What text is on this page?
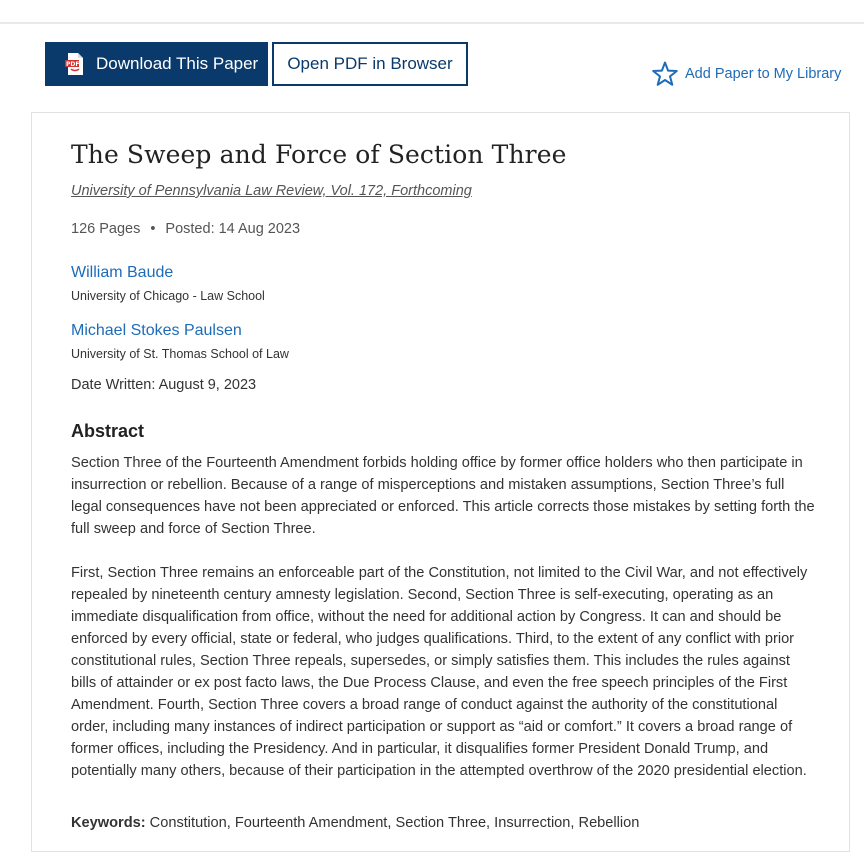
PDF Download This Paper Open PDF in Browser
Add Paper to My Library
The Sweep and Force of Section Three
University of Pennsylvania Law Review, Vol. 172, Forthcoming
126 Pages • Posted: 14 Aug 2023
William Baude
University of Chicago - Law School
Michael Stokes Paulsen
University of St. Thomas School of Law
Date Written: August 9, 2023
Abstract

Section Three of the Fourteenth Amendment forbids holding office by former office holders who then participate in insurrection or rebellion. Because of a range of misperceptions and mistaken assumptions, Section Three’s full legal consequences have not been appreciated or enforced. This article corrects those mistakes by setting forth the full sweep and force of Section Three.

First, Section Three remains an enforceable part of the Constitution, not limited to the Civil War, and not effectively repealed by nineteenth century amnesty legislation. Second, Section Three is self-executing, operating as an immediate disqualification from office, without the need for additional action by Congress. It can and should be enforced by every official, state or federal, who judges qualifications. Third, to the extent of any conflict with prior constitutional rules, Section Three repeals, supersedes, or simply satisfies them. This includes the rules against bills of attainder or ex post facto laws, the Due Process Clause, and even the free speech principles of the First Amendment. Fourth, Section Three covers a broad range of conduct against the authority of the constitutional order, including many instances of indirect participation or support as “aid or comfort.” It covers a broad range of former offices, including the Presidency. And in particular, it disqualifies former President Donald Trump, and potentially many others, because of their participation in the attempted overthrow of the 2020 presidential election.

Keywords: Constitution, Fourteenth Amendment, Section Three, Insurrection, Rebellion
